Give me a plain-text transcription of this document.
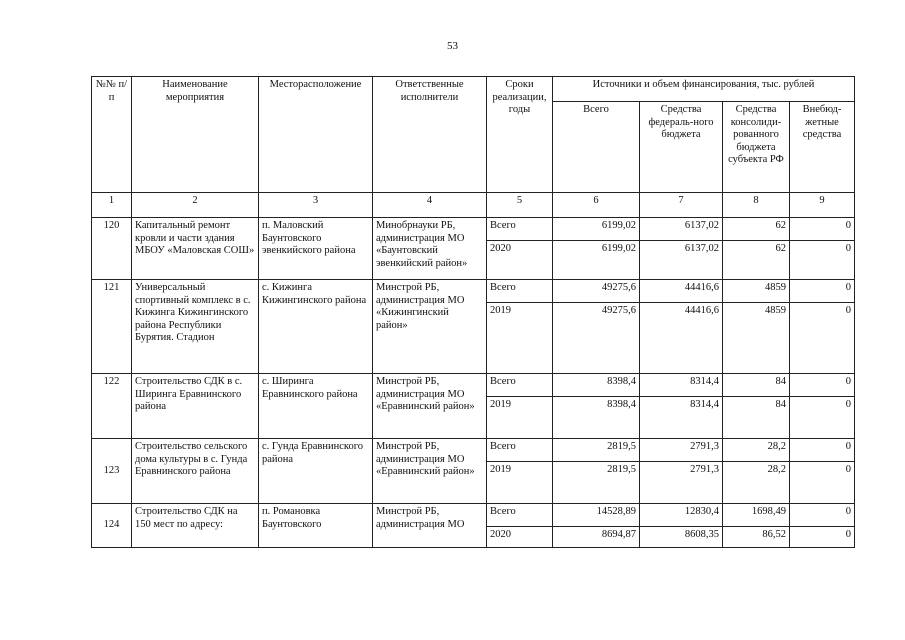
53
№№ п/п	Наименование мероприятия	Месторасположение	Ответственные исполнители	Сроки реализации, годы	Источники и объем финансирования, тыс. рублей			
					Всего	Средства федераль-ного бюджета	Средства консолиди-рованного бюджета субъекта РФ	Внебюд-жетные средства
1	2	3	4	5	6	7	8	9
120	Капитальный ремонт кровли и части здания МБОУ «Маловская СОШ»	п. Маловский Баунтовского эвенкийского района	Минобрнауки РБ, администрация МО «Баунтовский эвенкийский район»	Всего	6199,02	6137,02	62	0
				2020	6199,02	6137,02	62	0
121	Универсальный спортивный комплекс в с. Кижинга Кижингинского района Республики Бурятия. Стадион	с. Кижинга Кижингинского района	Минстрой РБ, администрация МО «Кижингинский район»	Всего	49275,6	44416,6	4859	0
				2019	49275,6	44416,6	4859	0
122	Строительство СДК в с. Ширинга Еравнинского района	с. Ширинга Еравнинского района	Минстрой РБ, администрация МО «Еравнинский район»	Всего	8398,4	8314,4	84	0
				2019	8398,4	8314,4	84	0
123	Строительство сельского дома культуры в с. Гунда Еравнинского района	с. Гунда Еравнинского района	Минстрой РБ, администрация МО «Еравнинский район»	Всего	2819,5	2791,3	28,2	0
				2019	2819,5	2791,3	28,2	0
124	Строительство СДК на 150 мест по адресу:	п. Романовка Баунтовского	Минстрой РБ, администрация МО	Всего	14528,89	12830,4	1698,49	0
				2020	8694,87	8608,35	86,52	0
